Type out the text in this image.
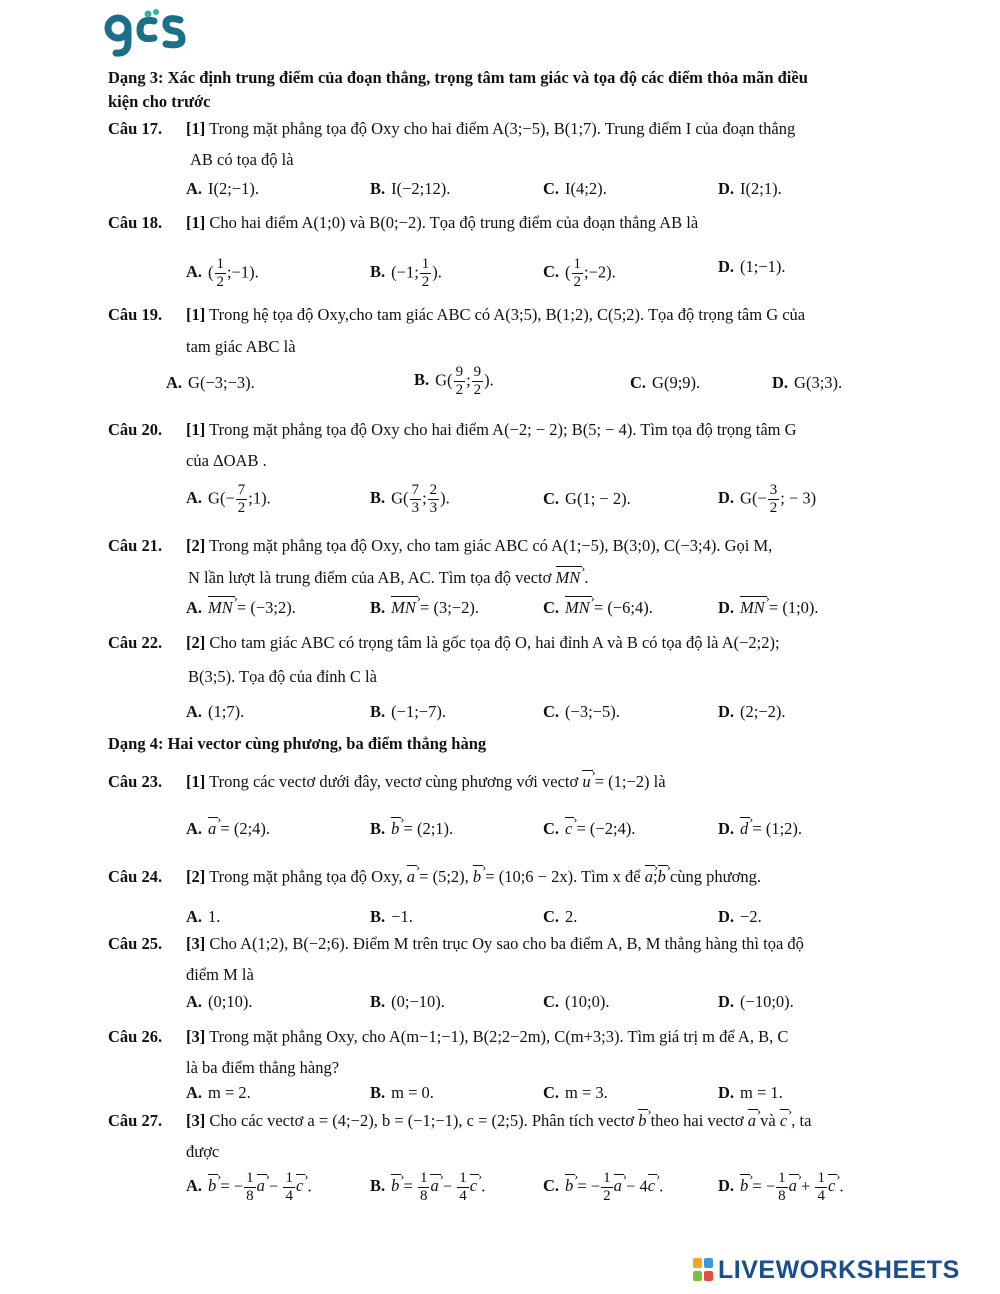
gcs
Dạng 3: Xác định trung điểm của đoạn thẳng, trọng tâm tam giác và tọa độ các điểm thỏa mãn điều
kiện cho trước
Câu 17. [1] Trong mặt phẳng tọa độ Oxy cho hai điểm A(3;−5), B(1;7). Trung điểm I của đoạn thẳng
AB có tọa độ là
A. I(2;−1).	B. I(−2;12).	C. I(4;2).	D. I(2;1).
Câu 18. [1] Cho hai điểm A(1;0) và B(0;−2). Tọa độ trung điểm của đoạn thẳng AB là
A. ( $\frac{1}{2}$ ;−1).	B. (−1; $\frac{1}{2}$ ).	C. ( $\frac{1}{2}$ ;−2).	D. (1;−1).
Câu 19. [1] Trong hệ tọa độ Oxy,cho tam giác ABC có A(3;5), B(1;2), C(5;2). Tọa độ trọng tâm G của
tam giác ABC là
A. G(−3;−3).	B. $G( \frac{9}{2}$ ; $\frac{9}{2}$ ).	C. G(9;9).	D. G(3;3).
Câu 20. [1] Trong mặt phẳng tọa độ Oxy cho hai điểm A(−2; − 2); B(5; − 4). Tìm tọa độ trọng tâm G
của ΔOAB .
A. $G(- \frac{7}{2}$ ;1).	B. $G( \frac{7}{3}$ ; $\frac{2}{3}$ ).	C. G(1; − 2).	D. $G(- \frac{3}{2}$ ; − 3)
Câu 21. [2] Trong mặt phẳng tọa độ Oxy, cho tam giác ABC có A(1;−5), B(3;0), C(−3;4). Gọi M,
N lần lượt là trung điểm của AB, AC. Tìm tọa độ vectơ › MN .
A. › MN = (−3;2).	B. › MN = (3;−2).	C. › MN = (−6;4).	D. › MN = (1;0).
Câu 22. [2] Cho tam giác ABC có trọng tâm là gốc tọa độ O, hai đỉnh A và B có tọa độ là A(−2;2);
B(3;5). Tọa độ của đỉnh C là
A. (1;7).	B. (−1;−7).	C. (−3;−5).	D. (2;−2).
Dạng 4: Hai vector cùng phương, ba điểm thẳng hàng
Câu 23. [1] Trong các vectơ dưới đây, vectơ cùng phương với vectơ › u = (1;−2) là
A. › a = (2;4).	B. › b = (2;1).	C. › c = (−2;4).	D. › d = (1;2).
Câu 24. [2] Trong mặt phẳng tọa độ Oxy, › a = (5;2), › b = (10;6 − 2x). Tìm x để › a;› b cùng phương.
A. 1.	B. −1.	C. 2.	D. −2.
Câu 25. [3] Cho A(1;2), B(−2;6). Điểm M trên trục Oy sao cho ba điểm A, B, M thẳng hàng thì tọa độ
điểm M là
A. (0;10).	B. (0;−10).	C. (10;0).	D. (−10;0).
Câu 26. [3] Trong mặt phẳng Oxy, cho A(m−1;−1), B(2;2−2m), C(m+3;3). Tìm giá trị m để A, B, C
là ba điểm thẳng hàng?
A. m = 2.	B. m = 0.	C. m = 3.	D. m = 1.
Câu 27. [3] Cho các vectơ a = (4;−2), b = (−1;−1), c = (2;5). Phân tích vectơ › b theo hai vectơ › a và › c , ta
được
A. › b = − $\frac{1}{8}$ › $a - \frac{1}{4}$ › c .	B. › $b = \frac{1}{8}$ › $a - \frac{1}{4}$ › c .	C. › b = − $\frac{1}{2}$ › a − 4› c .	D. › b = − $\frac{1}{8}$ › $a + \frac{1}{4}$ › c .
LIVEWORKSHEETS
